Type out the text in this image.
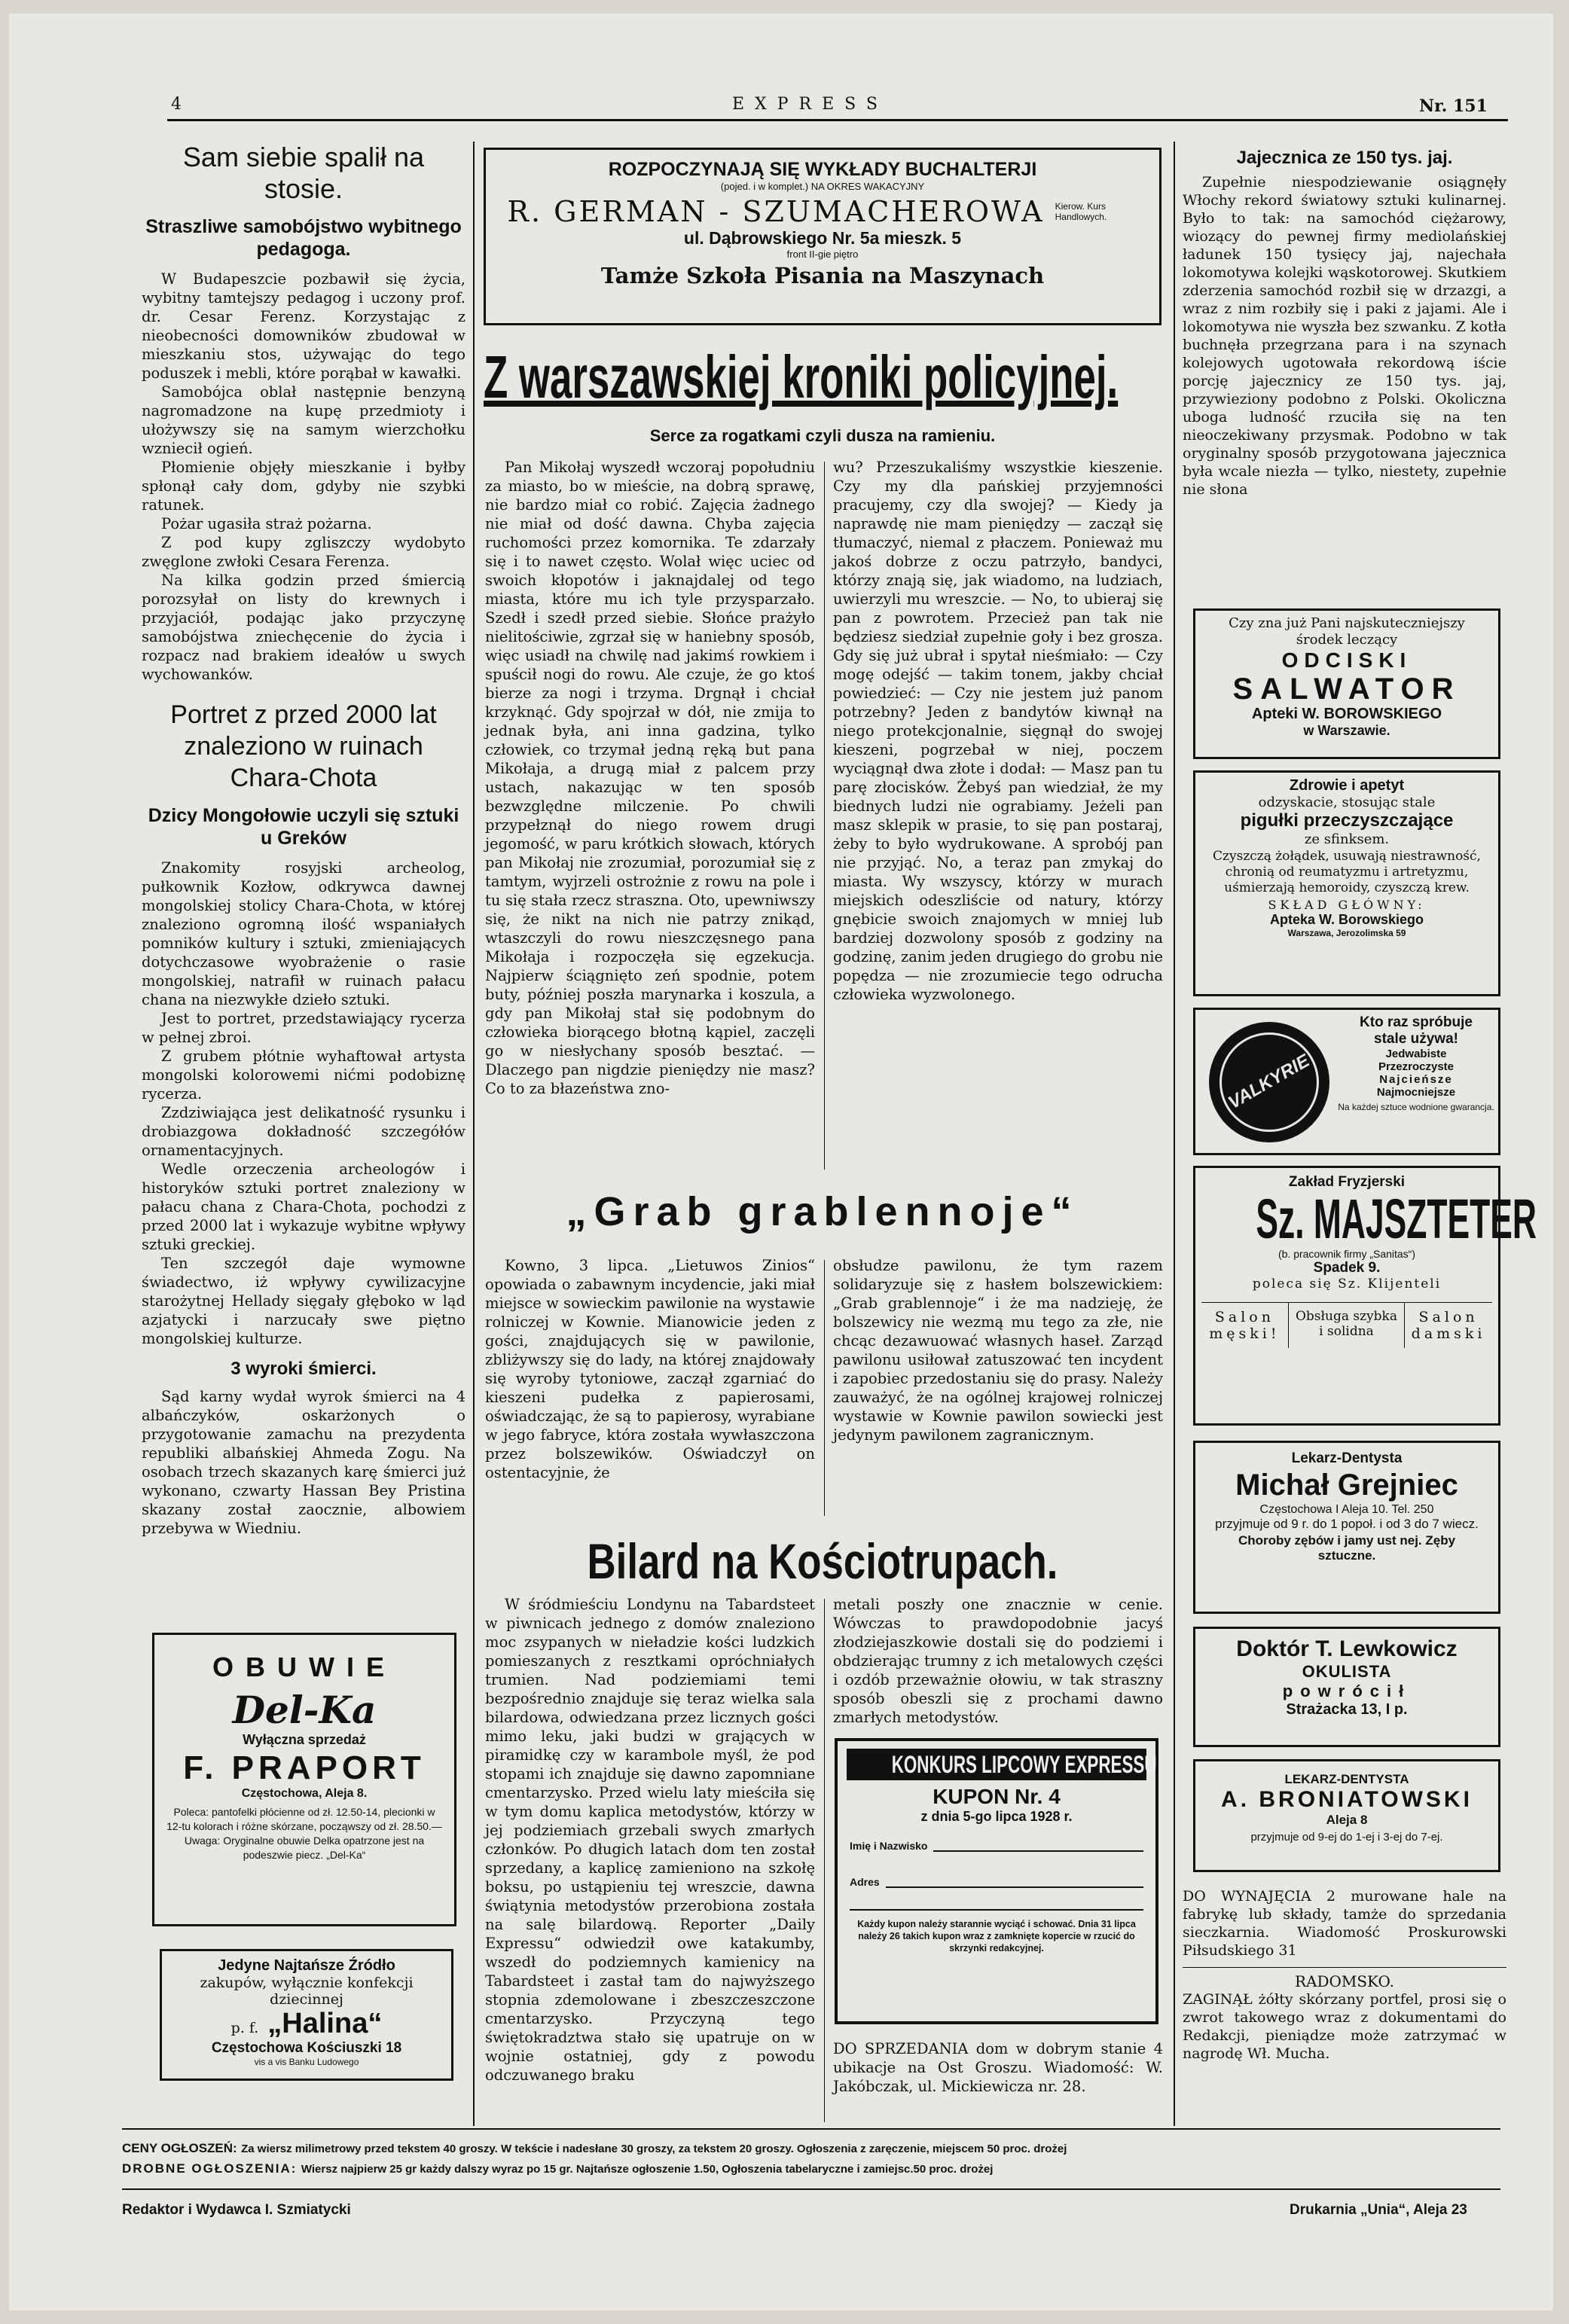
4	EXPRESS	Nr. 151
Sam siebie spalił na stosie.
Straszliwe samobójstwo wybitnego pedagoga.

W Budapeszcie pozbawił się życia, wybitny tamtejszy pedagog i uczony prof. dr. Cesar Ferenz. Korzystając z nieobecności domowników zbudował w mieszkaniu stos, używając do tego poduszek i mebli, które porąbał w kawałki.

Samobójca oblał następnie benzyną nagromadzone na kupę przedmioty i ułożywszy się na samym wierzchołku wzniecił ogień.

Płomienie objęły mieszkanie i byłby spłonął cały dom, gdyby nie szybki ratunek.

Pożar ugasiła straż pożarna.

Z pod kupy zgliszczy wydobyto zwęglone zwłoki Cesara Ferenza.

Na kilka godzin przed śmiercią porozsyłał on listy do krewnych i przyjaciół, podając jako przyczynę samobójstwa zniechęcenie do życia i rozpacz nad brakiem ideałów u swych wychowanków.

Portret z przed 2000 lat znaleziono w ruinach Chara-Chota
Dzicy Mongołowie uczyli się sztuki u Greków

Znakomity rosyjski archeolog, pułkownik Kozłow, odkrywca dawnej mongolskiej stolicy Chara-Chota, w której znaleziono ogromną ilość wspaniałych pomników kultury i sztuki, zmieniających dotychczasowe wyobrażenie o rasie mongolskiej, natrafił w ruinach pałacu chana na niezwykłe dzieło sztuki.

Jest to portret, przedstawiający rycerza w pełnej zbroi.

Z grubem płótnie wyhaftował artysta mongolski kolorowemi nićmi podobiznę rycerza.

Zzdziwiająca jest delikatność rysunku i drobiazgowa dokładność szczegółów ornamentacyjnych.

Wedle orzeczenia archeologów i historyków sztuki portret znaleziony w pałacu chana z Chara-Chota, pochodzi z przed 2000 lat i wykazuje wybitne wpływy sztuki greckiej.

Ten szczegół daje wymowne świadectwo, iż wpływy cywilizacyjne starożytnej Hellady sięgały głęboko w ląd azjatycki i narzucały swe piętno mongolskiej kulturze.

3 wyroki śmierci.

Sąd karny wydał wyrok śmierci na 4 albańczyków, oskarżonych o przygotowanie zamachu na prezydenta republiki albańskiej Ahmeda Zogu. Na osobach trzech skazanych karę śmierci już wykonano, czwarty Hassan Bey Pristina skazany został zaocznie, albowiem przebywa w Wiedniu.

OBUWIE
Del-Ka
Wyłączna sprzedaż
F. PRAPORT
Częstochowa, Aleja 8.
Poleca: pantofelki płócienne od zł. 12.50-14, plecionki w 12-tu kolorach i różne skórzane, począwszy od zł. 28.50.— Uwaga: Oryginalne obuwie Delka opatrzone jest na podeszwie piecz. „Del-Ka“
Jedyne Najtańsze Źródło
zakupów, wyłącznie konfekcji dziecinnej
p. f. „Halina“
Częstochowa Kościuszki 18
vis a vis Banku Ludowego
ROZPOCZYNAJĄ SIĘ WYKŁADY BUCHALTERJI
(pojed. i w komplet.) NA OKRES WAKACYJNY
R. GERMAN - SZUMACHEROWA Kierow. Kurs Handlowych.
ul. Dąbrowskiego Nr. 5a mieszk. 5
front II-gie piętro
Tamże Szkoła Pisania na Maszynach
Z warszawskiej kroniki policyjnej.
Serce za rogatkami czyli dusza na ramieniu.

Pan Mikołaj wyszedł wczoraj popołudniu za miasto, bo w mieście, na dobrą sprawę, nie bardzo miał co robić. Zajęcia żadnego nie miał od dość dawna. Chyba zajęcia ruchomości przez komornika. Te zdarzały się i to nawet często. Wolał więc uciec od swoich kłopotów i jaknajdalej od tego miasta, które mu ich tyle przysparzało. Szedł i szedł przed siebie. Słońce prażyło nielitościwie, zgrzał się w haniebny sposób, więc usiadł na chwilę nad jakimś rowkiem i spuścił nogi do rowu. Ale czuje, że go ktoś bierze za nogi i trzyma. Drgnął i chciał krzyknąć. Gdy spojrzał w dół, nie zmija to jednak była, ani inna gadzina, tylko człowiek, co trzymał jedną ręką but pana Mikołaja, a drugą miał z palcem przy ustach, nakazując w ten sposób bezwzględne milczenie. Po chwili przypełznął do niego rowem drugi jegomość, w paru krótkich słowach, których pan Mikołaj nie zrozumiał, porozumiał się z tamtym, wyjrzeli ostrożnie z rowu na pole i tu się stała rzecz straszna. Oto, upewniwszy się, że nikt na nich nie patrzy znikąd, wtaszczyli do rowu nieszczęsnego pana Mikołaja i rozpoczęła się egzekucja. Najpierw ściągnięto zeń spodnie, potem buty, później poszła marynarka i koszula, a gdy pan Mikołaj stał się podobnym do człowieka biorącego błotną kąpiel, zaczęli go w niesłychany sposób besztać. — Dlaczego pan nigdzie pieniędzy nie masz? Co to za błazeństwa zno-

wu? Przeszukaliśmy wszystkie kieszenie. Czy my dla pańskiej przyjemności pracujemy, czy dla swojej? — Kiedy ja naprawdę nie mam pieniędzy — zaczął się tłumaczyć, niemal z płaczem. Ponieważ mu jakoś dobrze z oczu patrzyło, bandyci, którzy znają się, jak wiadomo, na ludziach, uwierzyli mu wreszcie. — No, to ubieraj się pan z powrotem. Przecież pan tak nie będziesz siedział zupełnie goły i bez grosza. Gdy się już ubrał i spytał nieśmiało: — Czy mogę odejść — takim tonem, jakby chciał powiedzieć: — Czy nie jestem już panom potrzebny? Jeden z bandytów kiwnął na niego protekcjonalnie, sięgnął do swojej kieszeni, pogrzebał w niej, poczem wyciągnął dwa złote i dodał: — Masz pan tu parę złocisków. Żebyś pan wiedział, że my biednych ludzi nie ograbiamy. Jeżeli pan masz sklepik w prasie, to się pan postaraj, żeby to było wydrukowane. A sprobój pan nie przyjąć. No, a teraz pan zmykaj do miasta. Wy wszyscy, którzy w murach miejskich odeszliście od natury, którzy gnębicie swoich znajomych w mniej lub bardziej dozwolony sposób z godziny na godzinę, zanim jeden drugiego do grobu nie popędza — nie zrozumiecie tego odrucha człowieka wyzwolonego.

„Grab grablennoje“

Kowno, 3 lipca. „Lietuwos Zinios“ opowiada o zabawnym incydencie, jaki miał miejsce w sowieckim pawilonie na wystawie rolniczej w Kownie. Mianowicie jeden z gości, znajdujących się w pawilonie, zbliżywszy się do lady, na której znajdowały się wyroby tytoniowe, zaczął zgarniać do kieszeni pudełka z papierosami, oświadczając, że są to papierosy, wyrabiane w jego fabryce, która została wywłaszczona przez bolszewików. Oświadczył on ostentacyjnie, że

obsłudze pawilonu, że tym razem solidaryzuje się z hasłem bolszewickiem: „Grab grablennoje“ i że ma nadzieję, że bolszewicy nie wezmą mu tego za złe, nie chcąc dezawuować własnych haseł. Zarząd pawilonu usiłował zatuszować ten incydent i zapobiec przedostaniu się do prasy. Należy zauważyć, że na ogólnej krajowej rolniczej wystawie w Kownie pawilon sowiecki jest jedynym pawilonem zagranicznym.

Bilard na Kościotrupach.

W śródmieściu Londynu na Tabardsteet w piwnicach jednego z domów znaleziono moc zsypanych w nieładzie kości ludzkich pomieszanych z resztkami opróchniałych trumien. Nad podziemiami temi bezpośrednio znajduje się teraz wielka sala bilardowa, odwiedzana przez licznych gości mimo leku, jaki budzi w grających w piramidkę czy w karambole myśl, że pod stopami ich znajduje się dawno zapomniane cmentarzysko. Przed wielu laty mieściła się w tym domu kaplica metodystów, którzy w jej podziemiach grzebali swych zmarłych członków. Po długich latach dom ten został sprzedany, a kaplicę zamieniono na szkołę boksu, po ustąpieniu tej wreszcie, dawna świątynia metodystów przerobiona została na salę bilardową. Reporter „Daily Expressu“ odwiedził owe katakumby, wszedł do podziemnych kamienicy na Tabardsteet i zastał tam do najwyższego stopnia zdemolowane i zbeszczeszczone cmentarzysko. Przyczyną tego świętokradztwa stało się upatruje on w wojnie ostatniej, gdy z powodu odczuwanego braku

metali poszły one znacznie w cenie. Wówczas to prawdopodobnie jacyś złodziejaszkowie dostali się do podziemi i obdzierając trumny z ich metalowych części i ozdób przeważnie ołowiu, w tak straszny sposób obeszli się z prochami dawno zmarłych metodystów.

KONKURS LIPCOWY EXPRESSU
KUPON Nr. 4
z dnia 5-go lipca 1928 r.
Imię i Nazwisko
Adres
Każdy kupon należy starannie wyciąć i schować. Dnia 31 lipca należy 26 takich kupon wraz z zamknięte kopercie w rzucić do skrzynki redakcyjnej.

DO SPRZEDANIA dom w dobrym stanie 4 ubikacje na Ost Groszu. Wiadomość: W. Jakóbczak, ul. Mickiewicza nr. 28.

Jajecznica ze 150 tys. jaj.

Zupełnie niespodziewanie osiągnęły Włochy rekord światowy sztuki kulinarnej. Było to tak: na samochód ciężarowy, wiozący do pewnej firmy mediolańskiej ładunek 150 tysięcy jaj, najechała lokomotywa kolejki wąskotorowej. Skutkiem zderzenia samochód rozbił się w drzazgi, a wraz z nim rozbiły się i paki z jajami. Ale i lokomotywa nie wyszła bez szwanku. Z kotła buchnęła przegrzana para i na szynach kolejowych ugotowała rekordową iście porcję jajecznicy ze 150 tys. jaj, przywieziony podobno z Polski. Okoliczna uboga ludność rzuciła się na ten nieoczekiwany przysmak. Podobno w tak oryginalny sposób przygotowana jajecznica była wcale niezła — tylko, niestety, zupełnie nie słona

Czy zna już Pani najskuteczniejszy środek leczący
ODCISKI
SALWATOR
Apteki W. BOROWSKIEGO
w Warszawie.
Zdrowie i apetyt
odzyskacie, stosując stale
pigułki przeczyszczające
ze sfinksem.
Czyszczą żołądek, usuwają niestrawność, chronią od reumatyzmu i artretyzmu, uśmierzają hemoroidy, czyszczą krew.
SKŁAD GŁÓWNY:
Apteka W. Borowskiego
Warszawa, Jerozolimska 59
VALKYRIE
Kto raz spróbuje
stale używa!
Jedwabiste
Przezroczyste
Najcieńsze
Najmocniejsze
Na każdej sztuce wodnione gwarancja.
Zakład Fryzjerski
Sz. MAJSZTETER
(b. pracownik firmy „Sanitas“)
Spadek 9.
poleca się Sz. Klijenteli
Salon męski!
Obsługa szybka i solidna
Salon damski
Lekarz-Dentysta
Michał Grejniec
Częstochowa I Aleja 10. Tel. 250
przyjmuje od 9 r. do 1 popoł. i od 3 do 7 wiecz.
Choroby zębów i jamy ust nej. Zęby sztuczne.
Doktór T. Lewkowicz
OKULISTA
powrócił
Strażacka 13, I p.
LEKARZ-DENTYSTA
A. BRONIATOWSKI
Aleja 8
przyjmuje od 9-ej do 1-ej i 3-ej do 7-ej.

DO WYNAJĘCIA 2 murowane hale na fabrykę lub składy, tamże do sprzedania sieczkarnia. Wiadomość Proskurowski Piłsudskiego 31

RADOMSKO.

ZAGINĄŁ żółty skórzany portfel, prosi się o zwrot takowego wraz z dokumentami do Redakcji, pieniądze może zatrzymać w nagrodę Wł. Mucha.

CENY OGŁOSZEŃ: Za wiersz milimetrowy przed tekstem 40 groszy. W tekście i nadesłane 30 groszy, za tekstem 20 groszy. Ogłoszenia z zaręczenie, miejscem 50 proc. drożej
DROBNE OGŁOSZENIA: Wiersz najpierw 25 gr każdy dalszy wyraz po 15 gr. Najtańsze ogłoszenie 1.50, Ogłoszenia tabelaryczne i zamiejsc.50 proc. drożej
Redaktor i Wydawca I. Szmiatycki	Drukarnia „Unia“, Aleja 23
